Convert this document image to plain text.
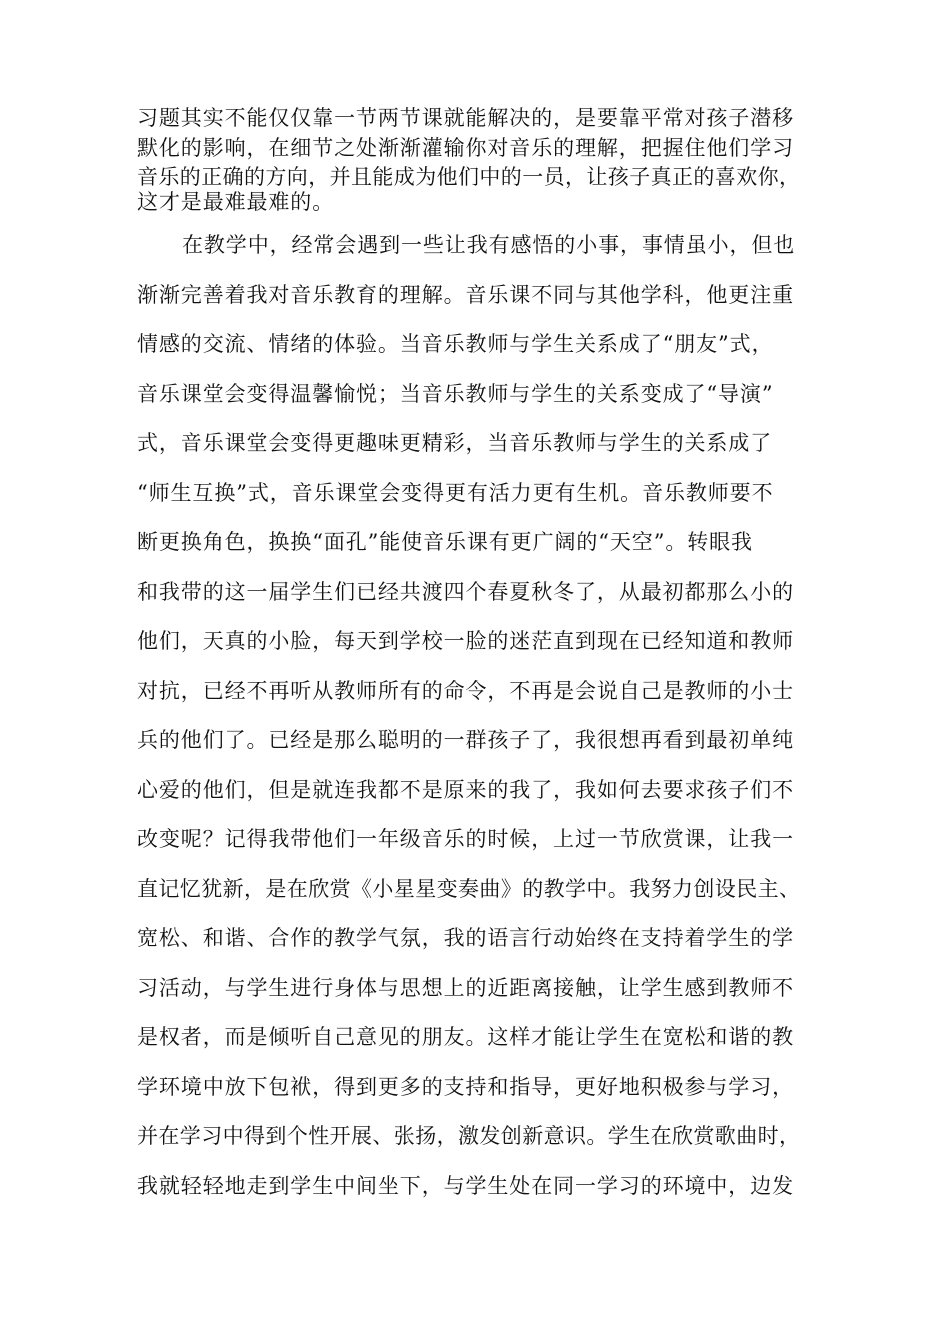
习题其实不能仅仅靠一节两节课就能解决的，是要靠平常对孩子潜移
默化的影响，在细节之处渐渐灌输你对音乐的理解，把握住他们学习
音乐的正确的方向，并且能成为他们中的一员，让孩子真正的喜欢你，
这才是最难最难的。
在教学中，经常会遇到一些让我有感悟的小事，事情虽小，但也
渐渐完善着我对音乐教育的理解。音乐课不同与其他学科，他更注重
情感的交流、情绪的体验。当音乐教师与学生关系成了“朋友”式，
音乐课堂会变得温馨愉悦；当音乐教师与学生的关系变成了“导演”
式，音乐课堂会变得更趣味更精彩，当音乐教师与学生的关系成了
“师生互换”式，音乐课堂会变得更有活力更有生机。音乐教师要不
断更换角色，换换“面孔”能使音乐课有更广阔的“天空”。转眼我
和我带的这一届学生们已经共渡四个春夏秋冬了，从最初都那么小的
他们，天真的小脸，每天到学校一脸的迷茫直到现在已经知道和教师
对抗，已经不再听从教师所有的命令，不再是会说自己是教师的小士
兵的他们了。已经是那么聪明的一群孩子了，我很想再看到最初单纯
心爱的他们，但是就连我都不是原来的我了，我如何去要求孩子们不
改变呢？记得我带他们一年级音乐的时候，上过一节欣赏课，让我一
直记忆犹新，是在欣赏《小星星变奏曲》的教学中。我努力创设民主、
宽松、和谐、合作的教学气氛，我的语言行动始终在支持着学生的学
习活动，与学生进行身体与思想上的近距离接触，让学生感到教师不
是权者，而是倾听自己意见的朋友。这样才能让学生在宽松和谐的教
学环境中放下包袱，得到更多的支持和指导，更好地积极参与学习，
并在学习中得到个性开展、张扬，激发创新意识。学生在欣赏歌曲时，
我就轻轻地走到学生中间坐下，与学生处在同一学习的环境中，边发
